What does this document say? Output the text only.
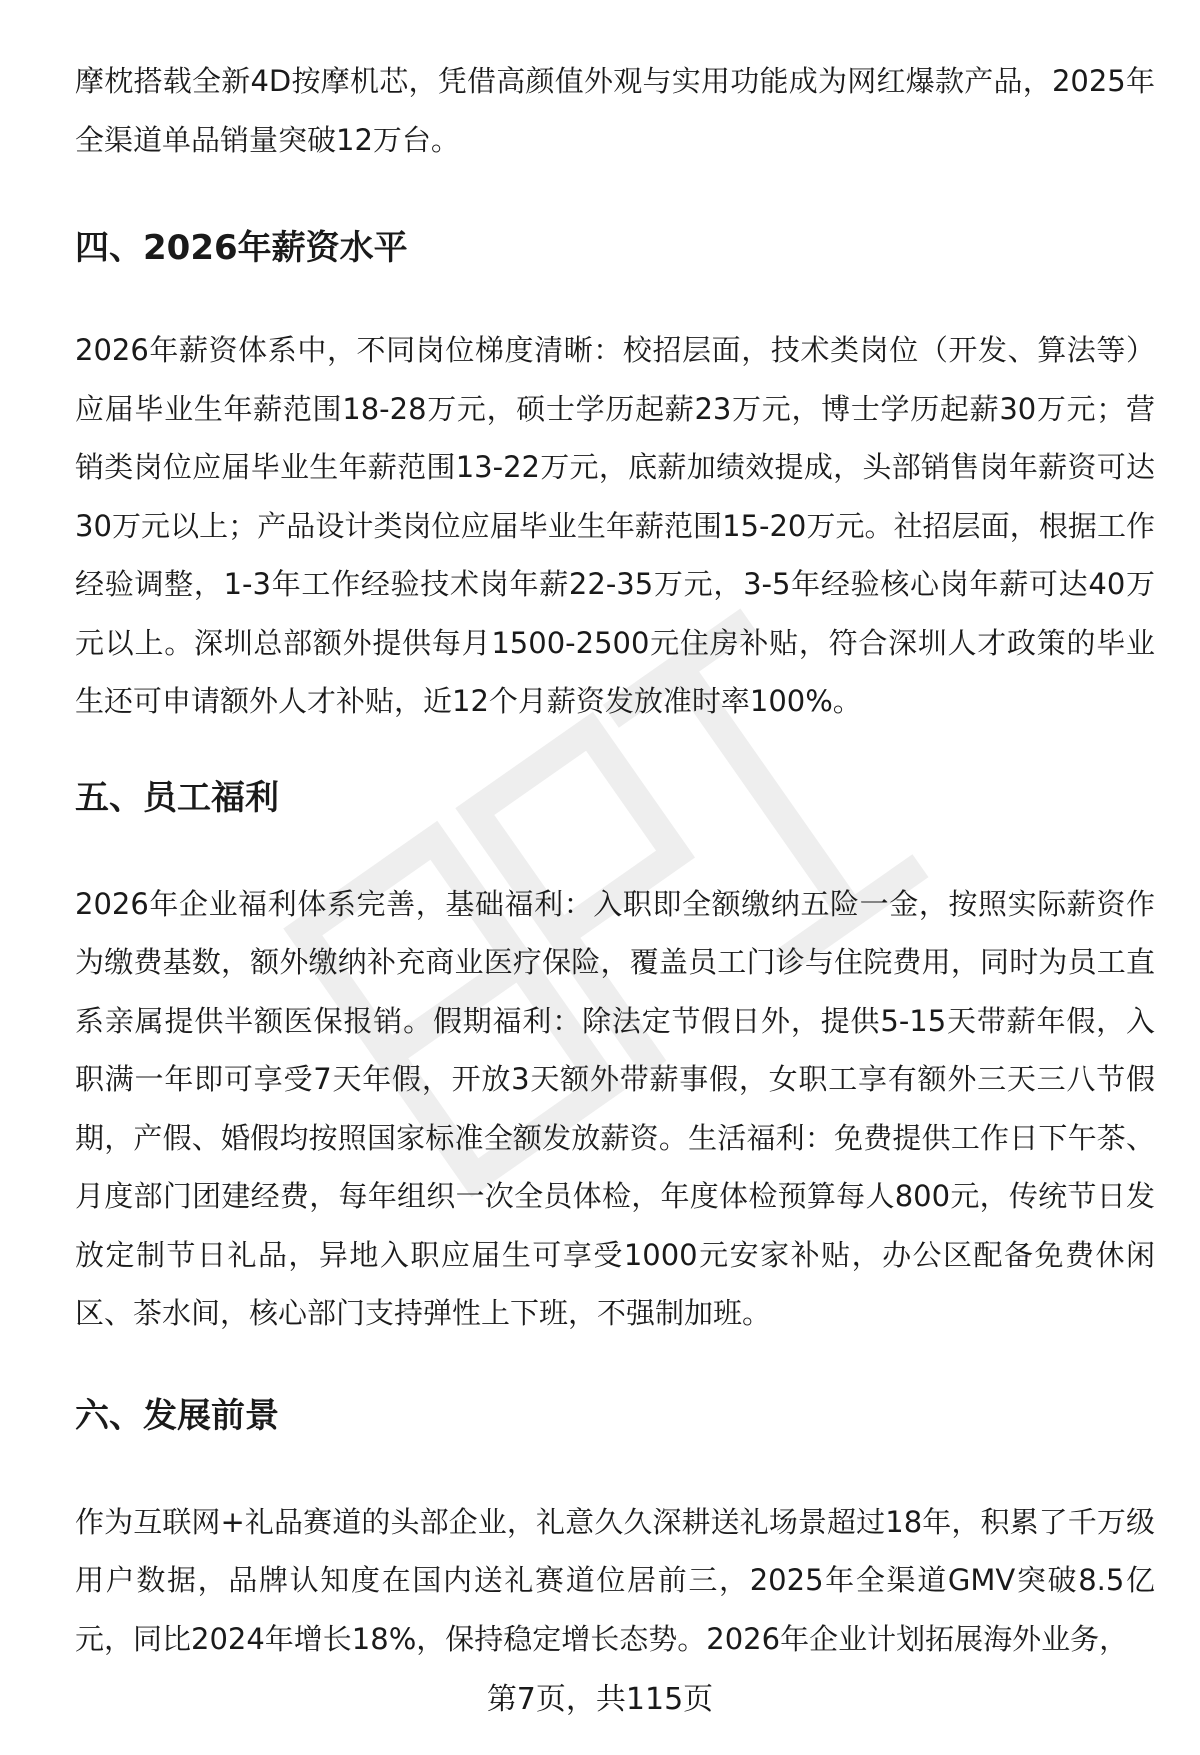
摩枕搭载全新4D按摩机芯，凭借高颜值外观与实用功能成为网红爆款产品，2025年全渠道单品销量突破12万台。

四、2026年薪资水平

2026年薪资体系中，不同岗位梯度清晰：校招层面，技术类岗位（开发、算法等）应届毕业生年薪范围18-28万元，硕士学历起薪23万元，博士学历起薪30万元；营销类岗位应届毕业生年薪范围13-22万元，底薪加绩效提成，头部销售岗年薪资可达30万元以上；产品设计类岗位应届毕业生年薪范围15-20万元。社招层面，根据工作经验调整，1-3年工作经验技术岗年薪22-35万元，3-5年经验核心岗年薪可达40万元以上。深圳总部额外提供每月1500-2500元住房补贴，符合深圳人才政策的毕业生还可申请额外人才补贴，近12个月薪资发放准时率100%。

五、员工福利

2026年企业福利体系完善，基础福利：入职即全额缴纳五险一金，按照实际薪资作为缴费基数，额外缴纳补充商业医疗保险，覆盖员工门诊与住院费用，同时为员工直系亲属提供半额医保报销。假期福利：除法定节假日外，提供5-15天带薪年假，入职满一年即可享受7天年假，开放3天额外带薪事假，女职工享有额外三天三八节假期，产假、婚假均按照国家标准全额发放薪资。生活福利：免费提供工作日下午茶、月度部门团建经费，每年组织一次全员体检，年度体检预算每人800元，传统节日发放定制节日礼品，异地入职应届生可享受1000元安家补贴，办公区配备免费休闲区、茶水间，核心部门支持弹性上下班，不强制加班。

六、发展前景

作为互联网+礼品赛道的头部企业，礼意久久深耕送礼场景超过18年，积累了千万级用户数据，品牌认知度在国内送礼赛道位居前三，2025年全渠道GMV突破8.5亿元，同比2024年增长18%，保持稳定增长态势。2026年企业计划拓展海外业务，

第7页，共115页
